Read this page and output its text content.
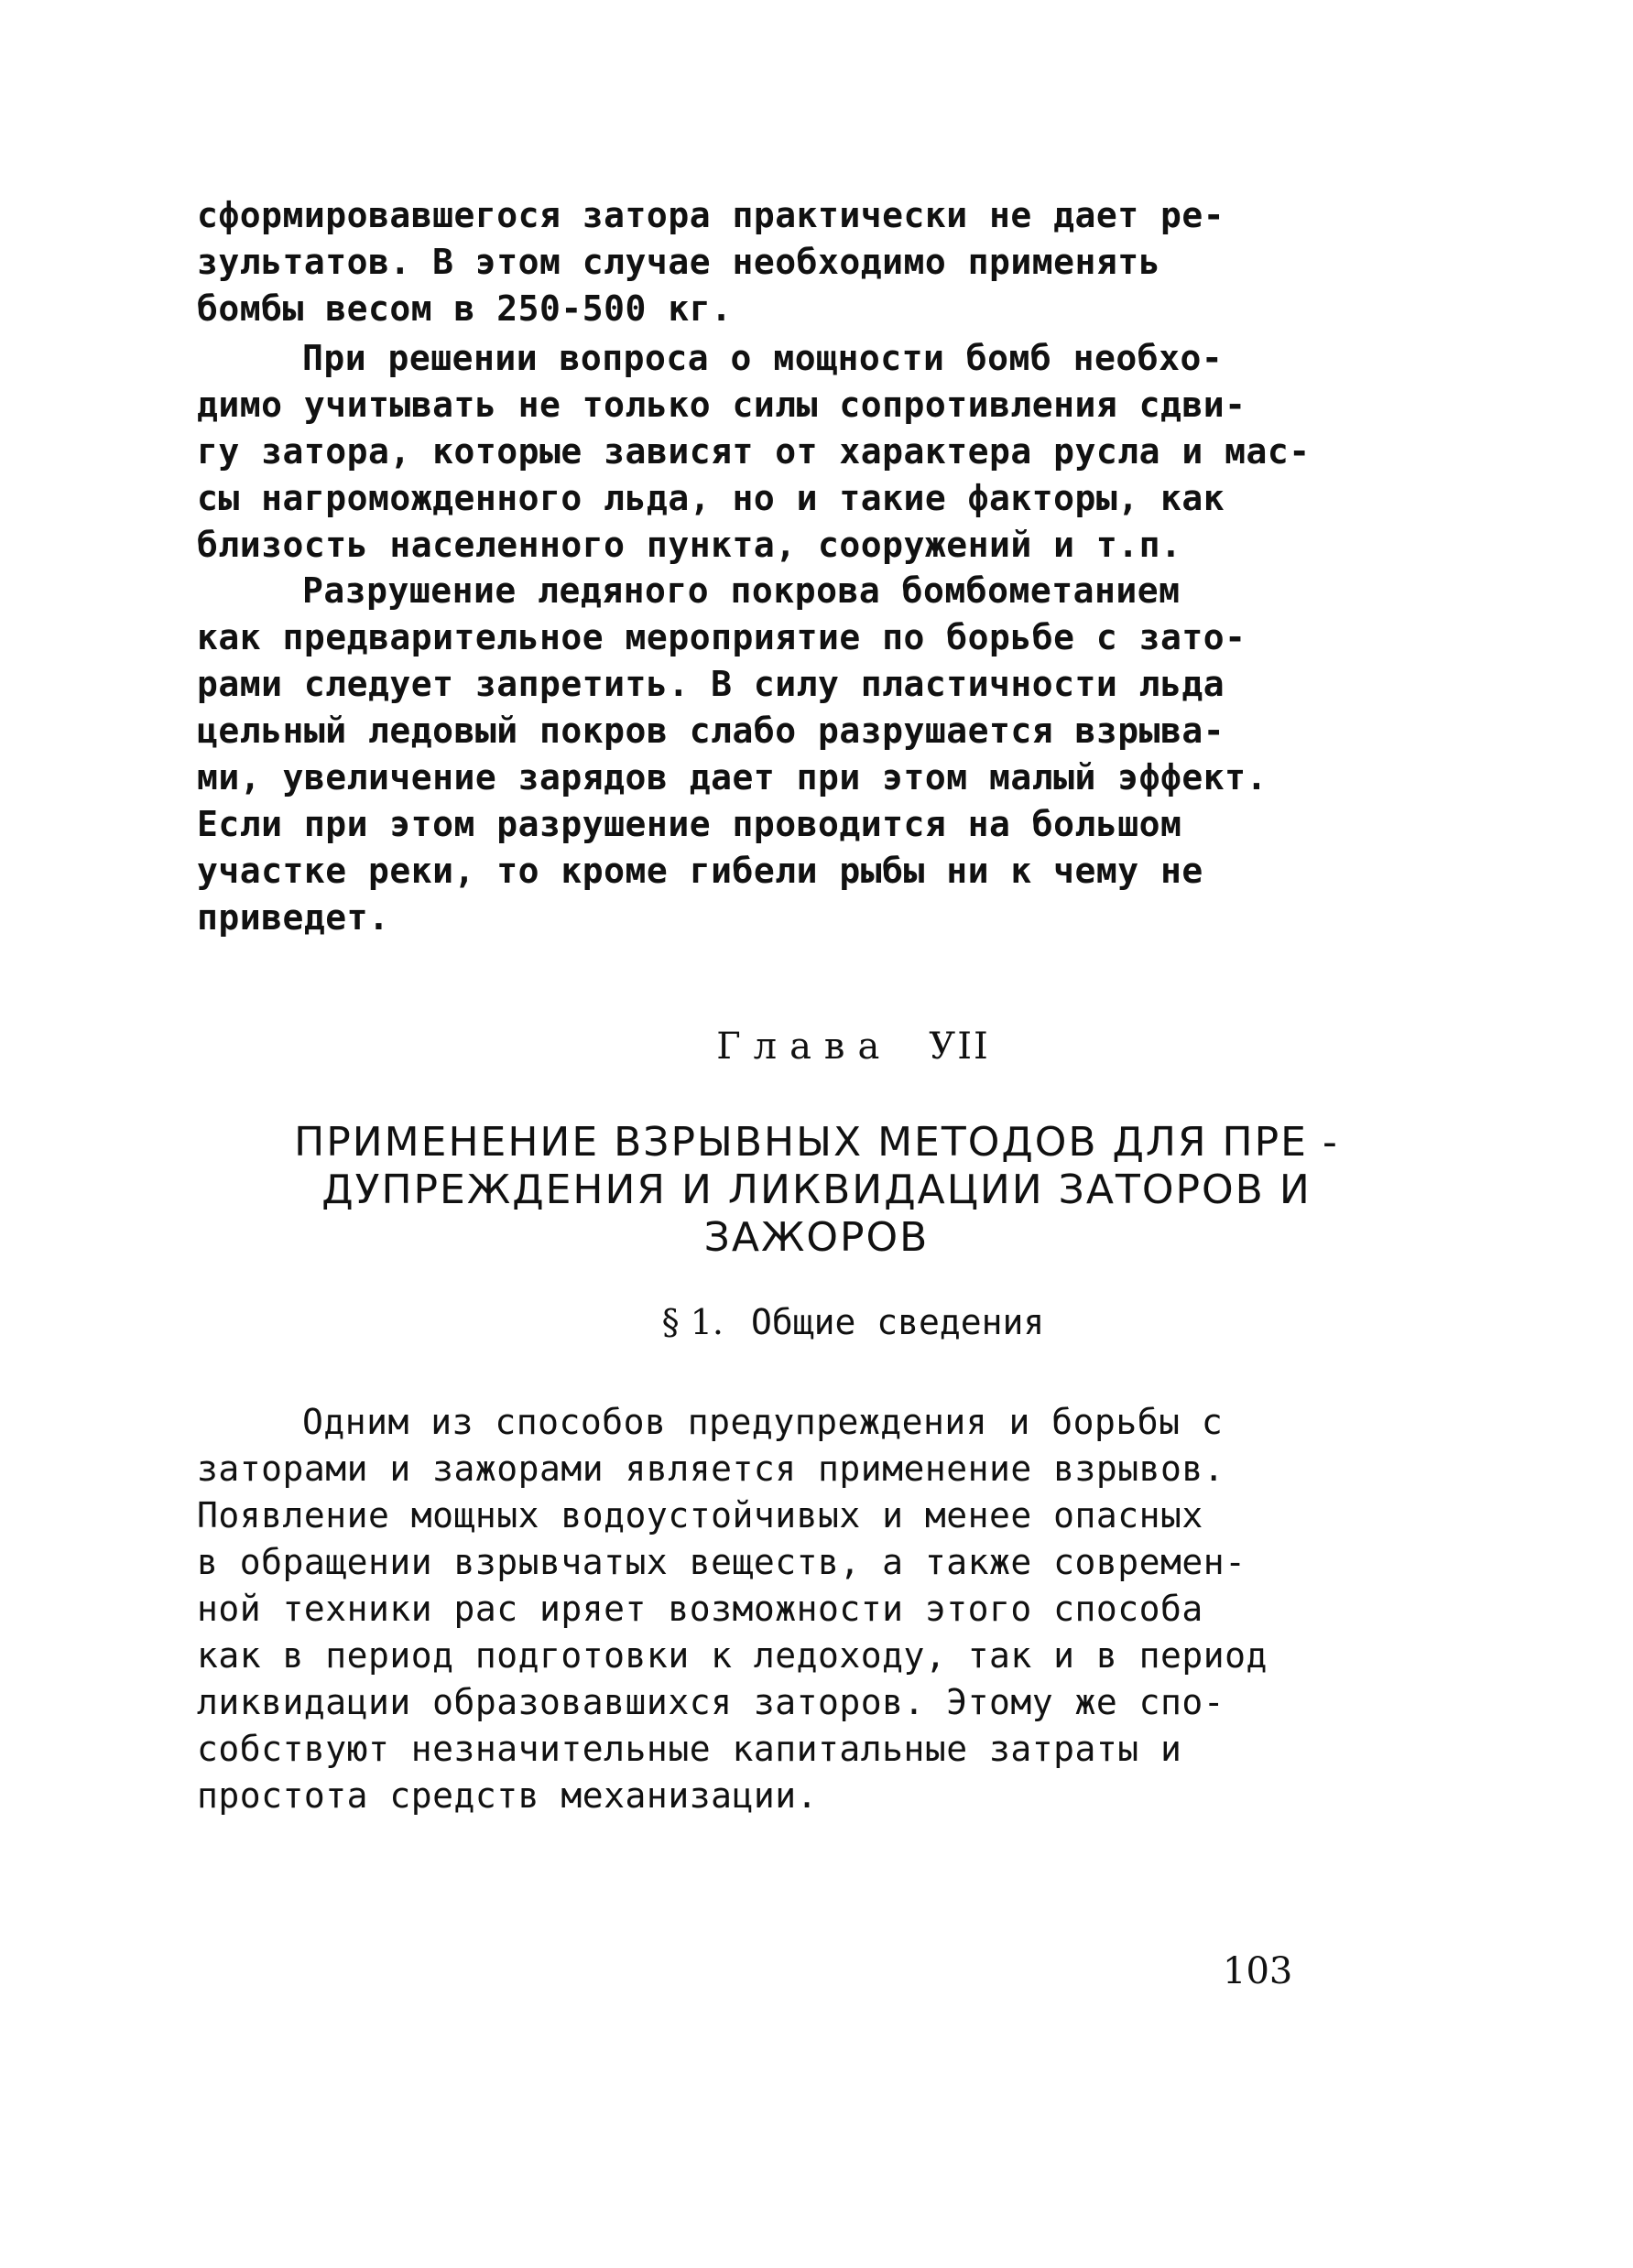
сформировавшегося затора практически не дает ре-
зультатов. В этом случае необходимо применять
бомбы весом в 250-500 кг.
При решении вопроса о мощности бомб необхо-
димо учитывать не только силы сопротивления сдви-
гу затора, которые зависят от характера русла и мас-
сы нагроможденного льда, но и такие факторы, как
близость населенного пункта, сооружений и т.п.
Разрушение ледяного покрова бомбометанием
как предварительное мероприятие по борьбе с зато-
рами следует запретить. В силу пластичности льда
цельный ледовый покров слабо разрушается взрыва-
ми, увеличение зарядов дает при этом малый эффект.
Если при этом разрушение проводится на большом
участке реки, то кроме гибели рыбы ни к чему не
приведет.
Глава УII
ПРИМЕНЕНИЕ ВЗРЫВНЫХ МЕТОДОВ ДЛЯ ПРЕ -
ДУПРЕЖДЕНИЯ И ЛИКВИДАЦИИ ЗАТОРОВ И
ЗАЖОРОВ
§ 1. Общие сведения
Одним из способов предупреждения и борьбы с
заторами и зажорами является применение взрывов.
Появление мощных водоустойчивых и менее опасных
в обращении взрывчатых веществ, а также современ-
ной техники рас иряет возможности этого способа
как в период подготовки к ледоходу, так и в период
ликвидации образовавшихся заторов. Этому же спо-
собствуют незначительные капитальные затраты и
простота средств механизации.
103
